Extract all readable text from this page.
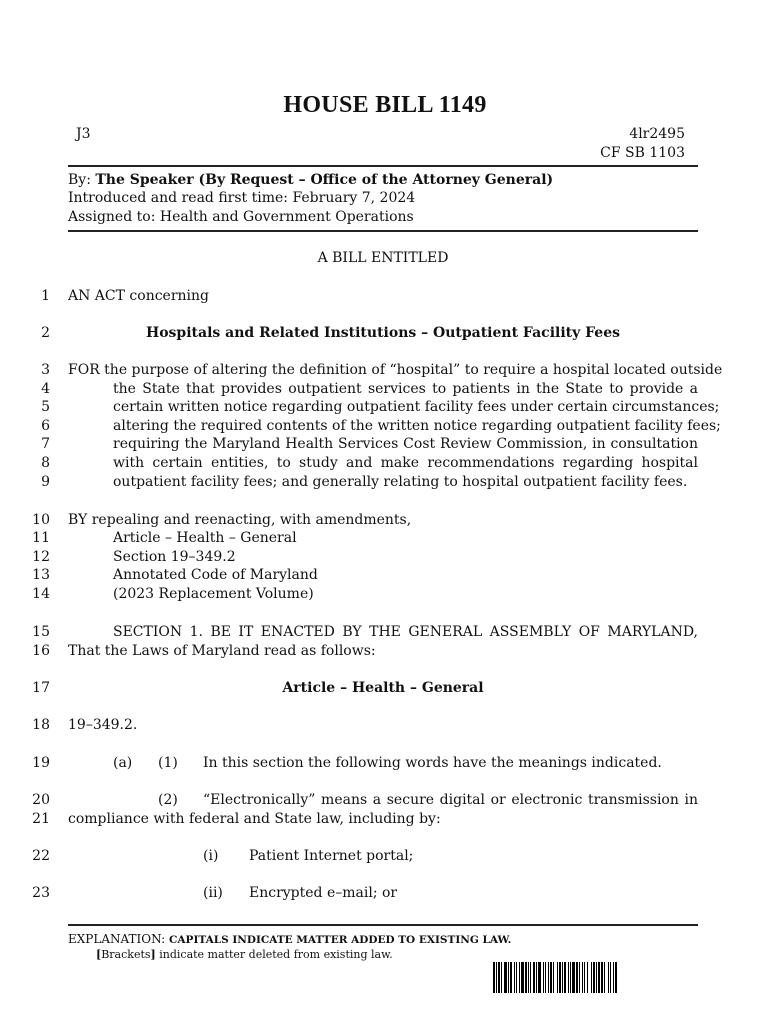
HOUSE BILL 1149
J3	4lr2495
CF SB 1103
By: The Speaker (By Request – Office of the Attorney General)
Introduced and read first time: February 7, 2024
Assigned to: Health and Government Operations
A BILL ENTITLED
1 AN ACT concerning
2	Hospitals and Related Institutions – Outpatient Facility Fees
3 FOR the purpose of altering the definition of “hospital” to require a hospital located outside
4	the State that provides outpatient services to patients in the State to provide a
5	certain written notice regarding outpatient facility fees under certain circumstances;
6	altering the required contents of the written notice regarding outpatient facility fees;
7	requiring the Maryland Health Services Cost Review Commission, in consultation
8	with certain entities, to study and make recommendations regarding hospital
9	outpatient facility fees; and generally relating to hospital outpatient facility fees.
10 BY repealing and reenacting, with amendments,
11	Article – Health – General
12	Section 19–349.2
13	Annotated Code of Maryland
14	(2023 Replacement Volume)
15	SECTION 1. BE IT ENACTED BY THE GENERAL ASSEMBLY OF MARYLAND,
16 That the Laws of Maryland read as follows:
17	Article – Health – General
18 19–349.2.
19	(a) (1) In this section the following words have the meanings indicated.
20	(2) “Electronically” means a secure digital or electronic transmission in
21 compliance with federal and State law, including by:
22	(i) Patient Internet portal;
23	(ii) Encrypted e–mail; or
EXPLANATION: CAPITALS INDICATE MATTER ADDED TO EXISTING LAW.
[Brackets] indicate matter deleted from existing law.
